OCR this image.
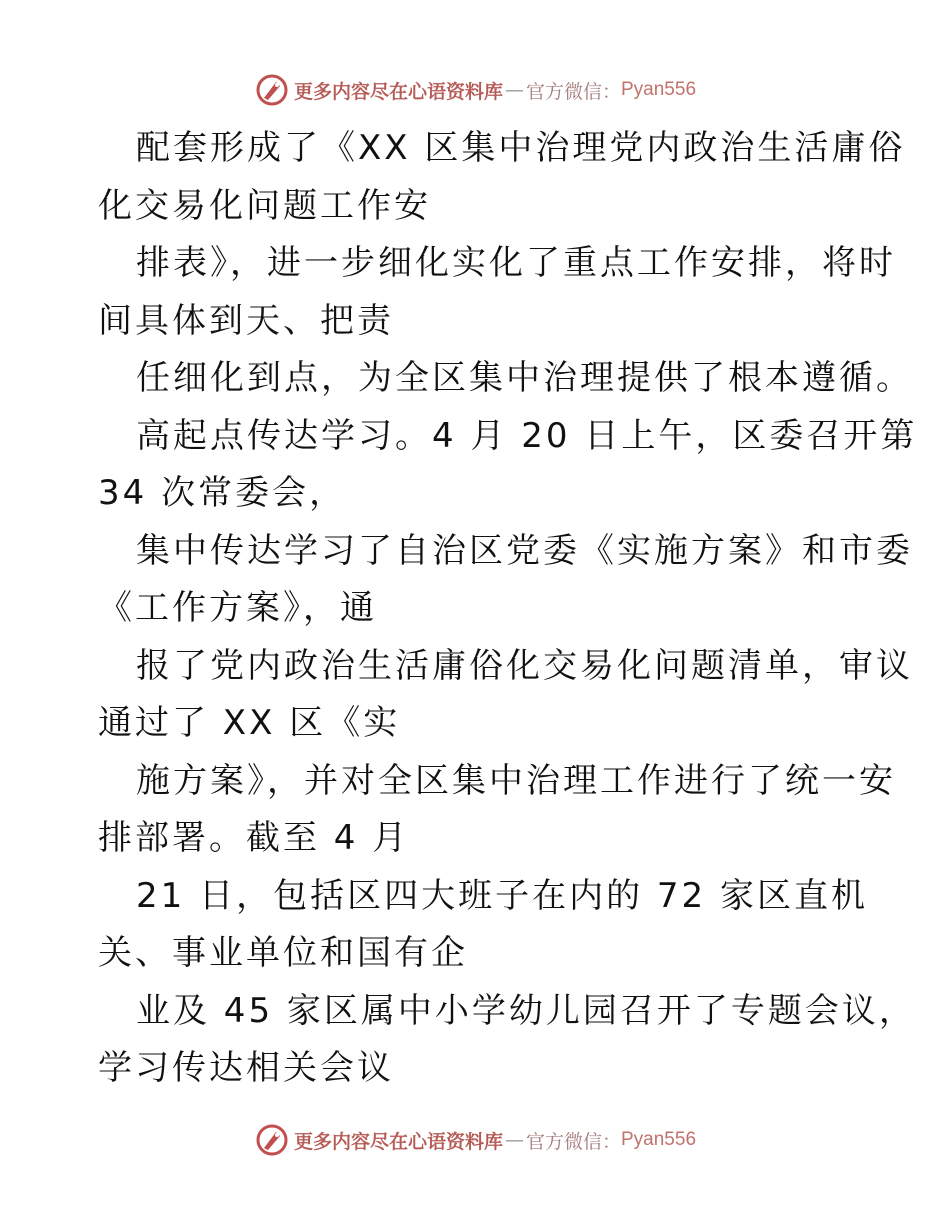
更多内容尽在心语资料库 — 官方微信： Pyan556
配套形成了《XX 区集中治理党内政治生活庸俗
化交易化问题工作安
排表》，进一步细化实化了重点工作安排，将时
间具体到天、把责
任细化到点，为全区集中治理提供了根本遵循。
高起点传达学习。4 月 20 日上午，区委召开第
34 次常委会，
集中传达学习了自治区党委《实施方案》和市委
《工作方案》，通
报了党内政治生活庸俗化交易化问题清单，审议
通过了 XX 区《实
施方案》，并对全区集中治理工作进行了统一安
排部署。截至 4 月
21 日，包括区四大班子在内的 72 家区直机
关、事业单位和国有企
业及 45 家区属中小学幼儿园召开了专题会议，
学习传达相关会议
更多内容尽在心语资料库 — 官方微信： Pyan556
